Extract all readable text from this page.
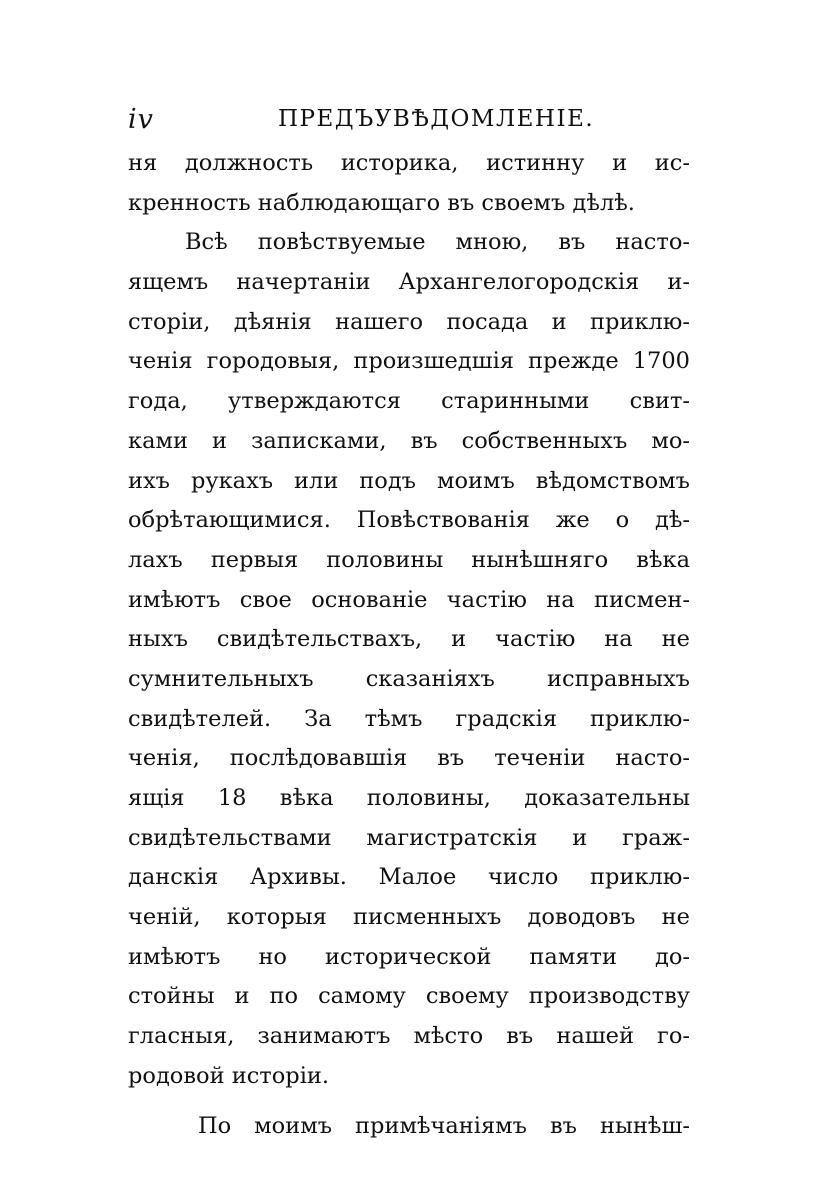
iv	ПРЕДЪУВѢДОМЛЕНІЕ.
ня должность историка, истинну и ис-
кренность наблюдающаго въ своемъ дѣлѣ.
Всѣ повѣствуемые мною, въ насто-
ящемъ начертаніи Архангелогородскія и-
сторіи, дѣянія нашего посада и приклю-
ченія городовыя, произшедшія прежде 1700
года, утверждаются старинными свит-
ками и записками, въ собственныхъ мо-
ихъ рукахъ или подъ моимъ вѣдомствомъ
обрѣтающимися. Повѣствованія же о дѣ-
лахъ первыя половины нынѣшняго вѣка
имѣютъ свое основаніе частію на писмен-
ныхъ свидѣтельствахъ, и частію на не
сумнительныхъ сказаніяхъ исправныхъ
свидѣтелей. За тѣмъ градскія приклю-
ченія, послѣдовавшія въ теченіи насто-
ящія 18 вѣка половины, доказательны
свидѣтельствами магистратскія и граж-
данскія Архивы. Малое число приклю-
ченій, которыя писменныхъ доводовъ не
имѣютъ но исторической памяти до-
стойны и по самому своему производству
гласныя, занимаютъ мѣсто въ нашей го-
родовой исторіи.
По моимъ примѣчаніямъ въ нынѣш-
